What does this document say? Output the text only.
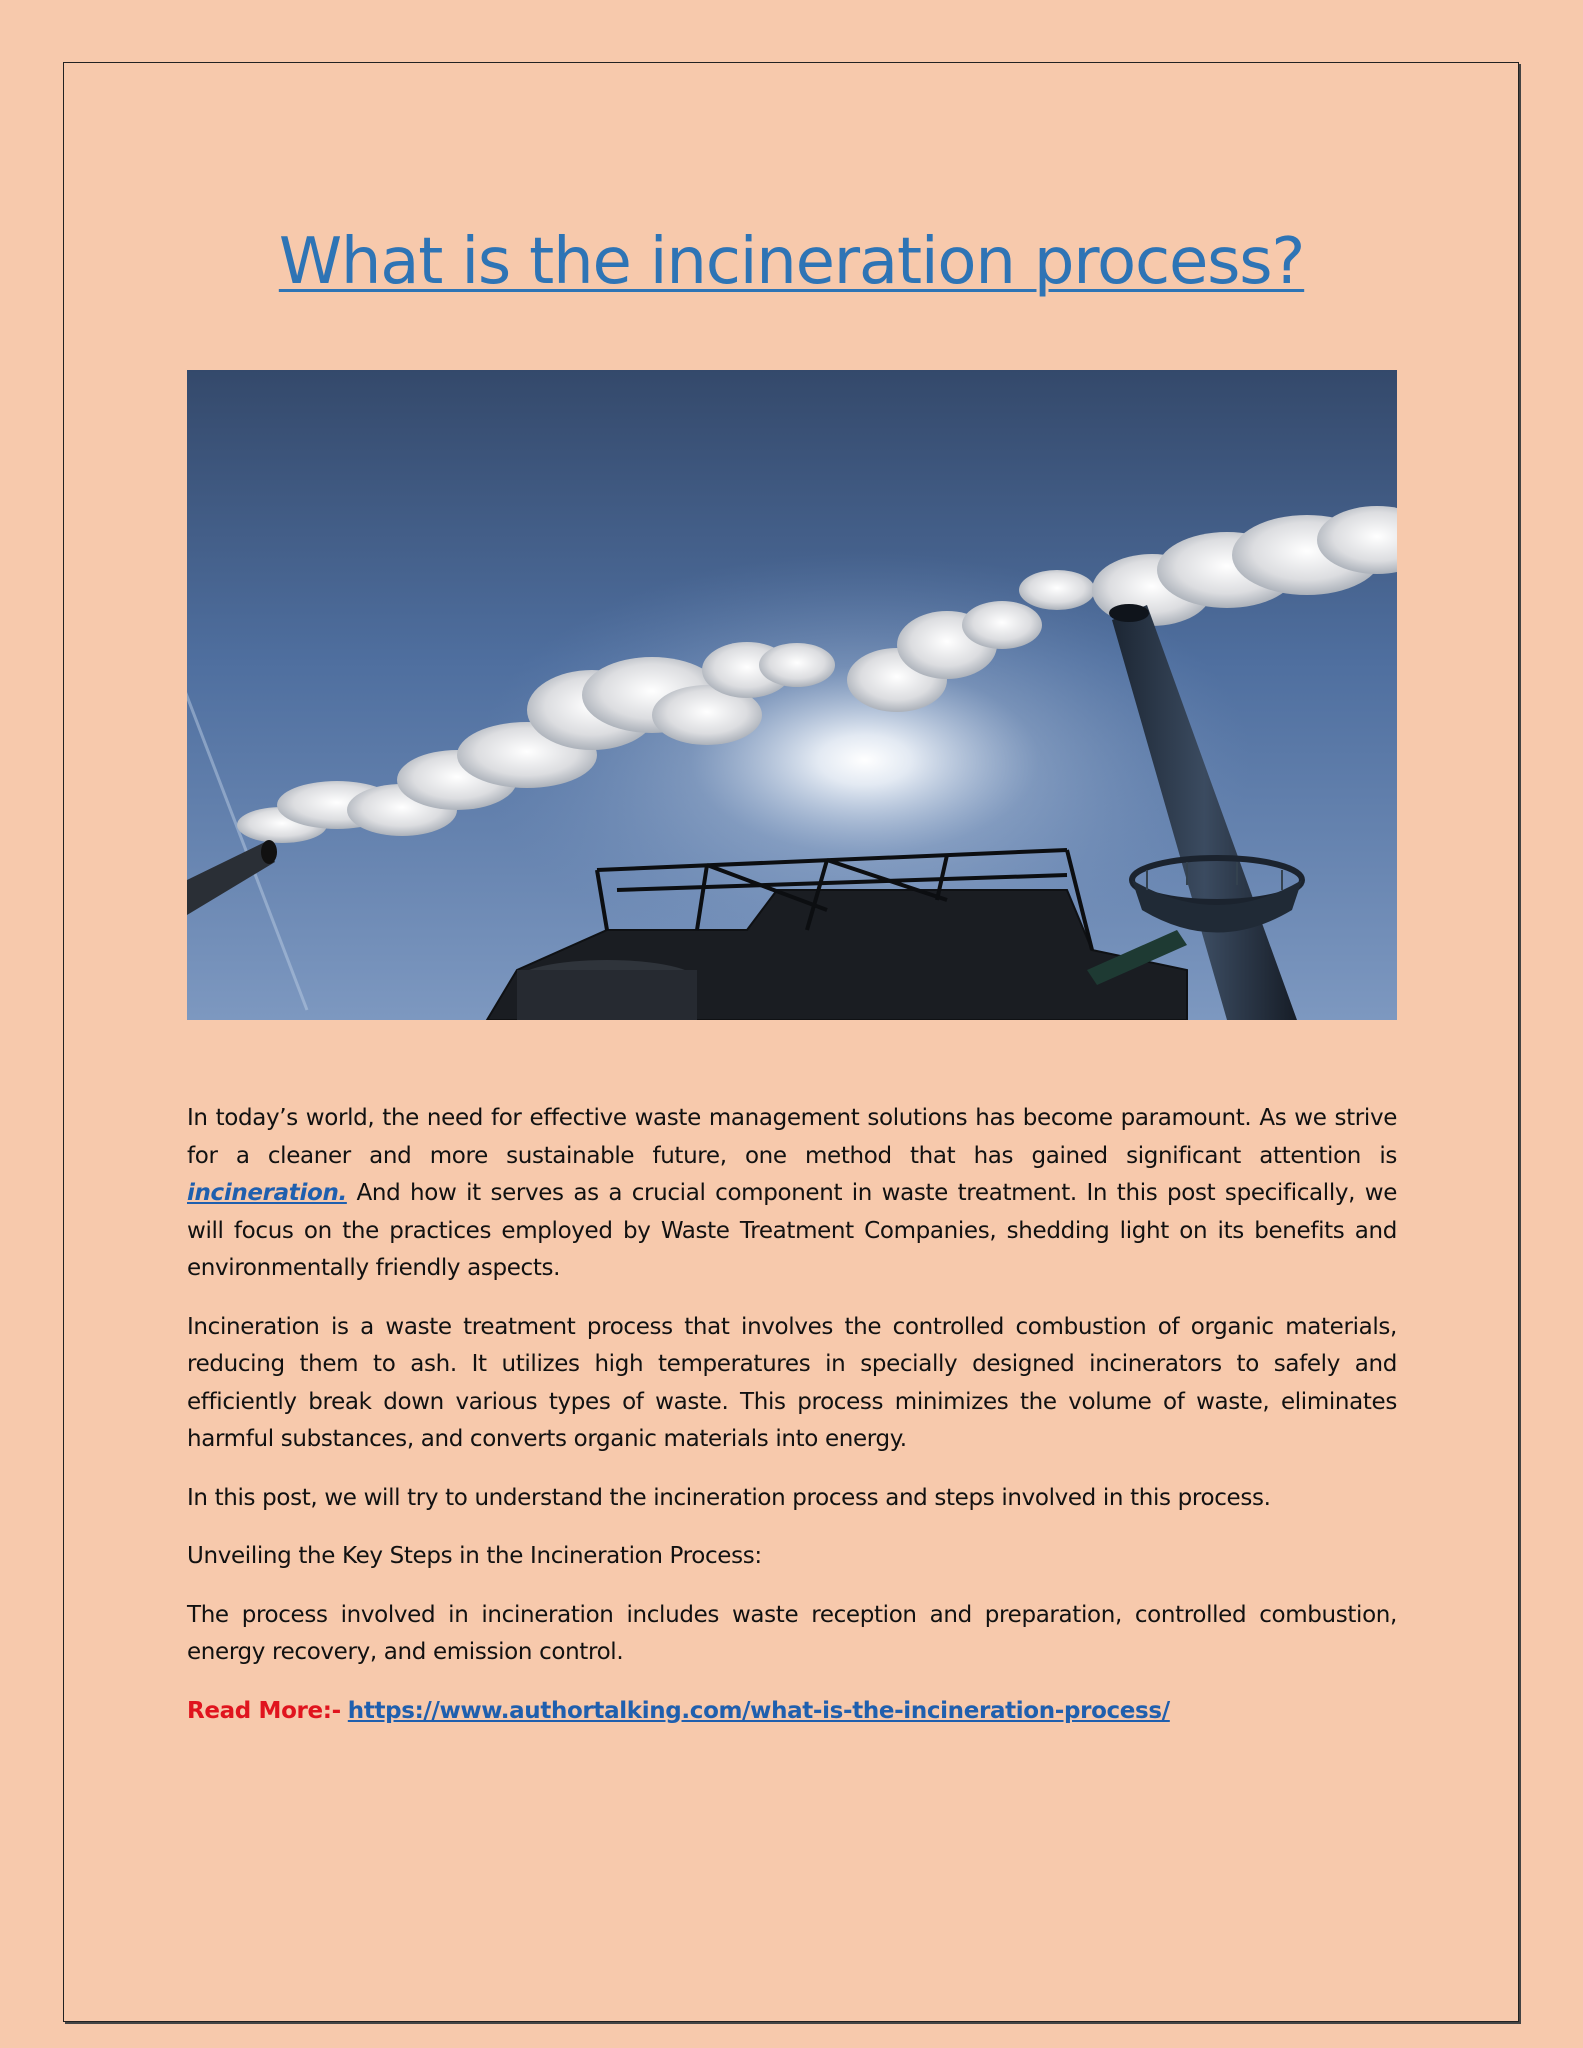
What is the incineration process?

In today’s world, the need for effective waste management solutions has become paramount. As we strive for a cleaner and more sustainable future, one method that has gained significant attention is incineration. And how it serves as a crucial component in waste treatment. In this post specifically, we will focus on the practices employed by Waste Treatment Companies, shedding light on its benefits and environmentally friendly aspects.

Incineration is a waste treatment process that involves the controlled combustion of organic materials, reducing them to ash. It utilizes high temperatures in specially designed incinerators to safely and efficiently break down various types of waste. This process minimizes the volume of waste, eliminates harmful substances, and converts organic materials into energy.

In this post, we will try to understand the incineration process and steps involved in this process.

Unveiling the Key Steps in the Incineration Process:

The process involved in incineration includes waste reception and preparation, controlled combustion, energy recovery, and emission control.

Read More:- https://www.authortalking.com/what-is-the-incineration-process/
